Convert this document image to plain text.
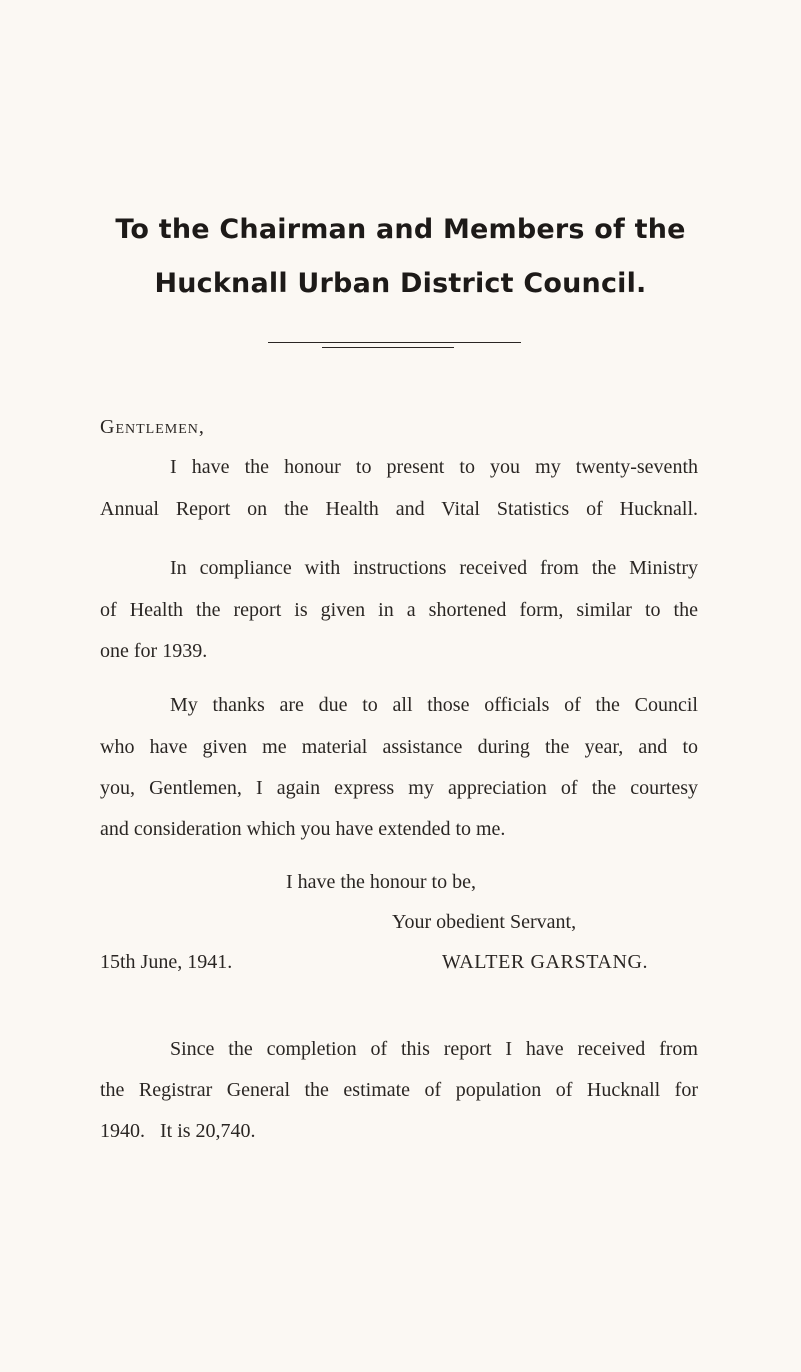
To the Chairman and Members of the
Hucknall Urban District Council.
Gentlemen,
I have the honour to present to you my twenty-seventh
Annual Report on the Health and Vital Statistics of Hucknall.
In compliance with instructions received from the Ministry
of Health the report is given in a shortened form, similar to the
one for 1939.
My thanks are due to all those officials of the Council
who have given me material assistance during the year, and to
you, Gentlemen, I again express my appreciation of the courtesy
and consideration which you have extended to me.
I have the honour to be,
Your obedient Servant,
15th June, 1941.	WALTER GARSTANG.
Since the completion of this report I have received from
the Registrar General the estimate of population of Hucknall for
1940.   It is 20,740.
